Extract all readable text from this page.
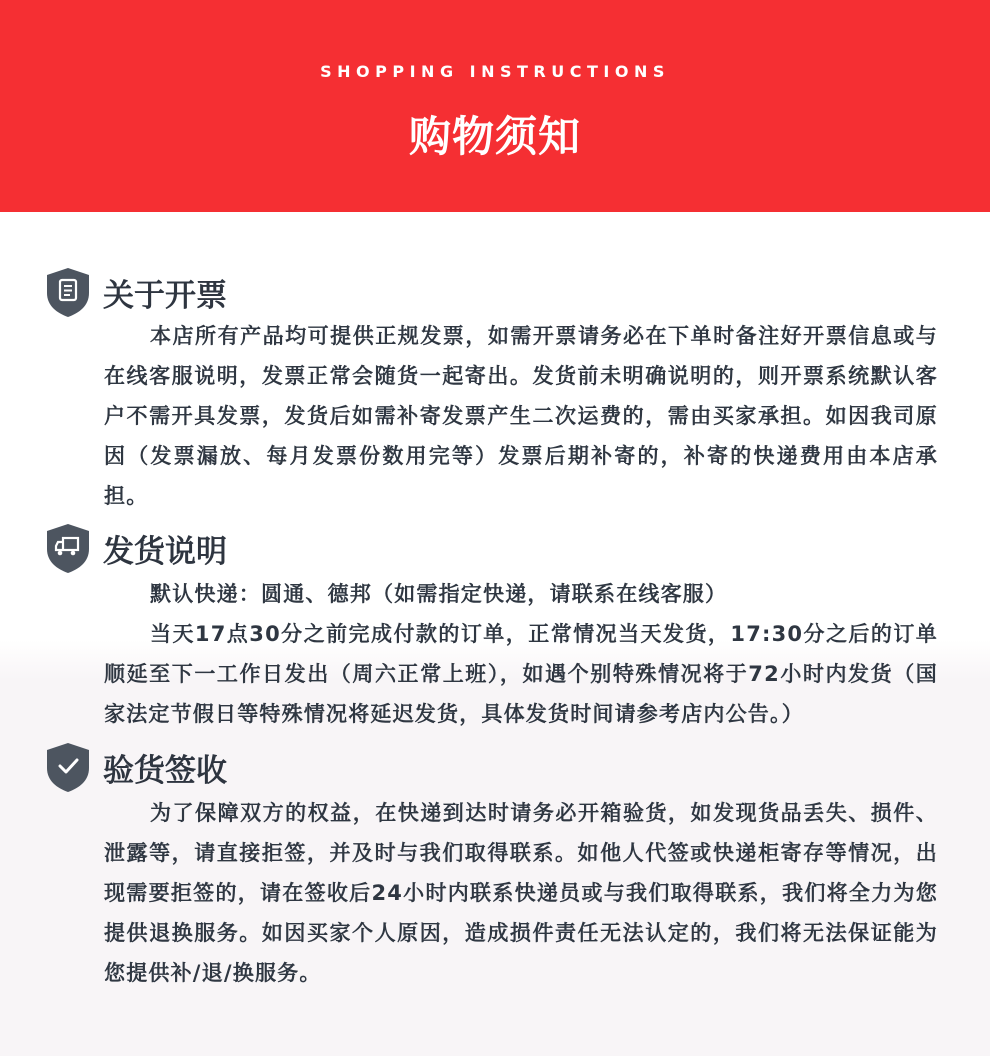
SHOPPING INSTRUCTIONS
购物须知
关于开票

本店所有产品均可提供正规发票，如需开票请务必在下单时备注好开票信息或与在线客服说明，发票正常会随货一起寄出。发货前未明确说明的，则开票系统默认客户不需开具发票，发货后如需补寄发票产生二次运费的，需由买家承担。如因我司原因（发票漏放、每月发票份数用完等）发票后期补寄的，补寄的快递费用由本店承担。

发货说明

默认快递：圆通、德邦（如需指定快递，请联系在线客服）

当天17点30分之前完成付款的订单，正常情况当天发货，17:30分之后的订单顺延至下一工作日发出（周六正常上班），如遇个别特殊情况将于72小时内发货（国家法定节假日等特殊情况将延迟发货，具体发货时间请参考店内公告。）

验货签收

为了保障双方的权益，在快递到达时请务必开箱验货，如发现货品丢失、损件、泄露等，请直接拒签，并及时与我们取得联系。如他人代签或快递柜寄存等情况，出现需要拒签的，请在签收后24小时内联系快递员或与我们取得联系，我们将全力为您提供退换服务。如因买家个人原因，造成损件责任无法认定的，我们将无法保证能为您提供补/退/换服务。
